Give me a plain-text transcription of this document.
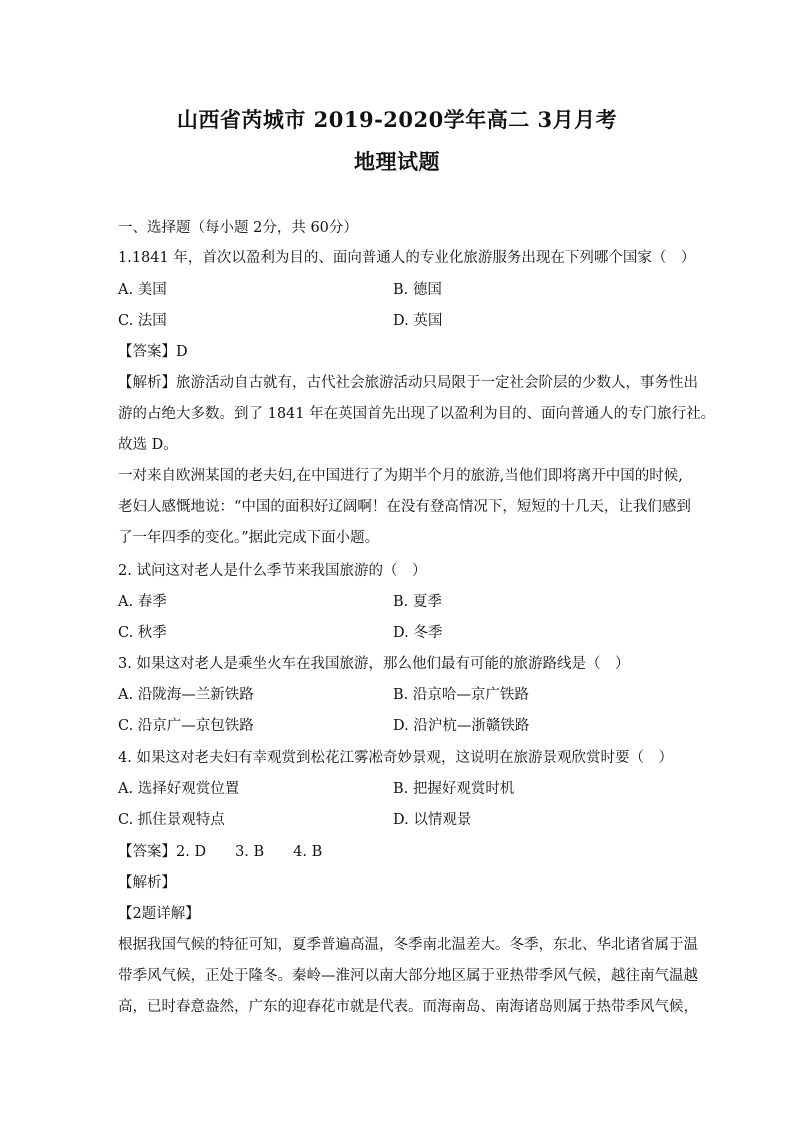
山西省芮城市 2019-2020学年高二 3月月考
地理试题
一、选择题（每小题 2分，共 60分）
1.1841 年，首次以盈利为目的、面向普通人的专业化旅游服务出现在下列哪个国家（　）
A. 美国	B. 德国
C. 法国	D. 英国
【答案】D
【解析】旅游活动自古就有，古代社会旅游活动只局限于一定社会阶层的少数人，事务性出
游的占绝大多数。到了 1841 年在英国首先出现了以盈利为目的、面向普通人的专门旅行社。
故选 D。
一对来自欧洲某国的老夫妇,在中国进行了为期半个月的旅游,当他们即将离开中国的时候,
老妇人感慨地说：“中国的面积好辽阔啊！在没有登高情况下，短短的十几天，让我们感到
了一年四季的变化。”据此完成下面小题。
2. 试问这对老人是什么季节来我国旅游的（　）
A. 春季	B. 夏季
C. 秋季	D. 冬季
3. 如果这对老人是乘坐火车在我国旅游，那么他们最有可能的旅游路线是（　）
A. 沿陇海—兰新铁路	B. 沿京哈—京广铁路
C. 沿京广—京包铁路	D. 沿沪杭—浙赣铁路
4. 如果这对老夫妇有幸观赏到松花江雾凇奇妙景观，这说明在旅游景观欣赏时要（　）
A. 选择好观赏位置	B. 把握好观赏时机
C. 抓住景观特点	D. 以情观景
【答案】2. D　　3. B　　4. B
【解析】
【2题详解】
根据我国气候的特征可知，夏季普遍高温，冬季南北温差大。冬季，东北、华北诸省属于温
带季风气候，正处于隆冬。秦岭—淮河以南大部分地区属于亚热带季风气候，越往南气温越
高，已时春意盎然，广东的迎春花市就是代表。而海南岛、南海诸岛则属于热带季风气候，
